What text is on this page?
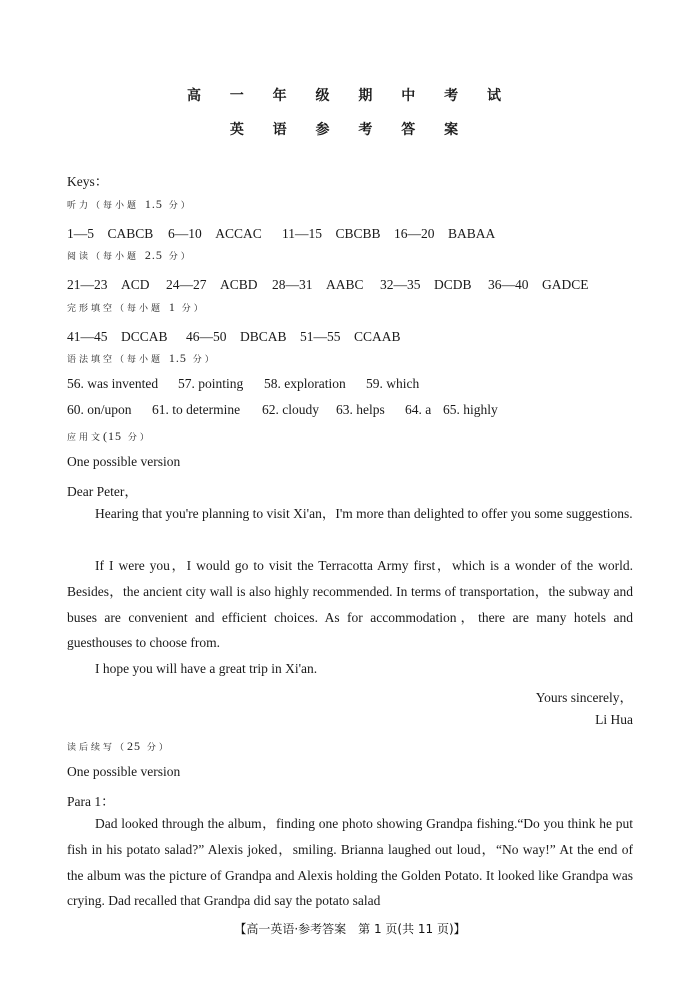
高 一 年 级 期 中 考 试
英 语 参 考 答 案
Keys：
听力（每小题 1.5 分）
1—5　CABCB 6—10　ACCAC 11—15　CBCBB 16—20　BABAA
阅读（每小题 2.5 分）
21—23　ACD 24—27　ACBD 28—31　AABC 32—35　DCDB 36—40　GADCE
完形填空（每小题 1 分）
41—45　DCCAB 46—50　DBCAB 51—55　CCAAB
语法填空（每小题 1.5 分）
56. was invented 57. pointing 58. exploration 59. which
60. on/upon 61. to determine 62. cloudy 63. helps 64. a 65. highly
应用文(15 分）
One possible version
Dear Peter，
Hearing that you're planning to visit Xi'an，I'm more than delighted to offer you some suggestions.
If I were you，I would go to visit the Terracotta Army first，which is a wonder of the world. Besides，the ancient city wall is also highly recommended. In terms of transportation，the subway and buses are convenient and efficient choices. As for accommodation，there are many hotels and guesthouses to choose from.
I hope you will have a great trip in Xi'an.
Yours sincerely，
Li Hua
读后续写（25 分）
One possible version
Para 1：
Dad looked through the album，finding one photo showing Grandpa fishing.“Do you think he put fish in his potato salad?” Alexis joked，smiling. Brianna laughed out loud，“No way!” At the end of the album was the picture of Grandpa and Alexis holding the Golden Potato. It looked like Grandpa was crying. Dad recalled that Grandpa did say the potato salad
【高一英语·参考答案　第 1 页(共 11 页)】
